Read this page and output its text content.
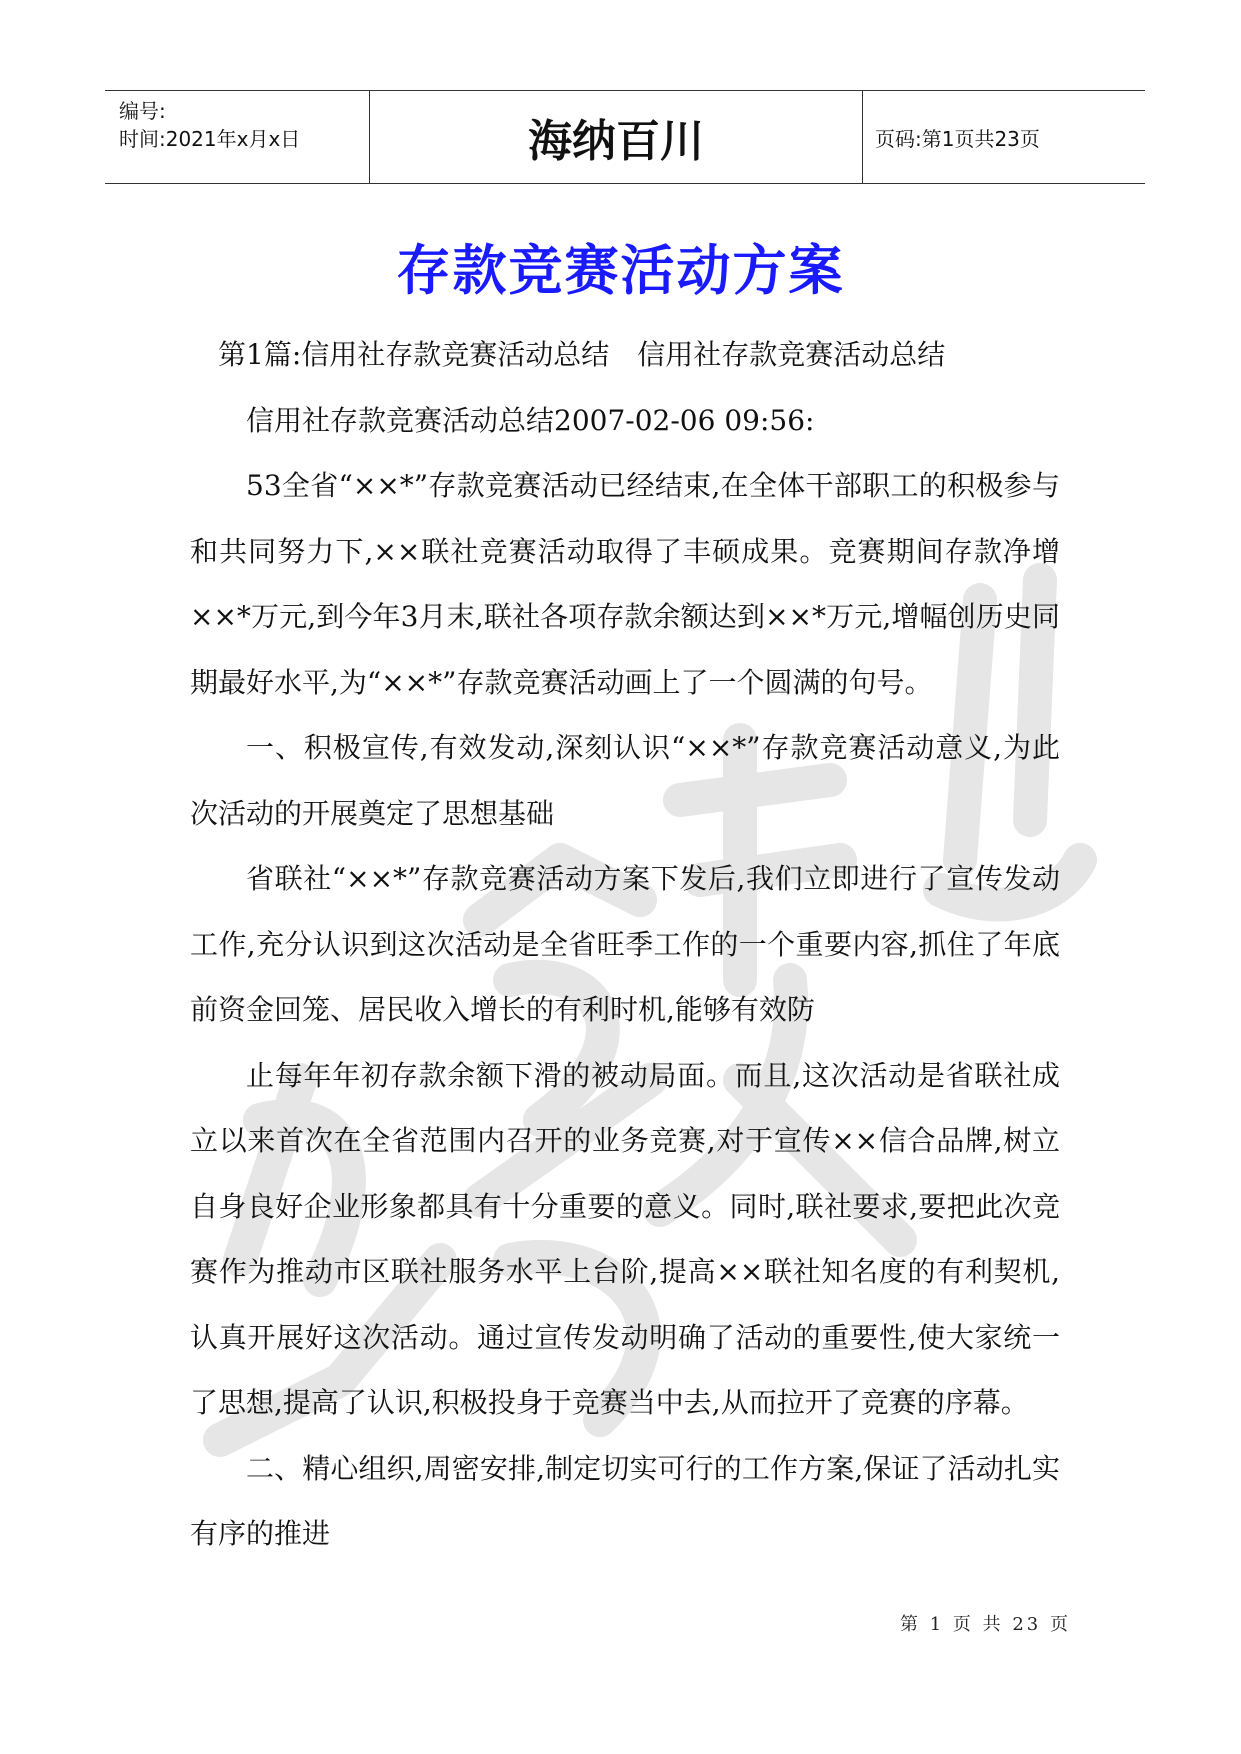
编号:
时间:2021年x月x日	海纳百川	页码:第1页共23页
存款竞赛活动方案

第1篇:信用社存款竞赛活动总结　信用社存款竞赛活动总结

信用社存款竞赛活动总结2007-02-06 09:56:

53全省“××*”存款竞赛活动已经结束,在全体干部职工的积极参与和共同努力下,××联社竞赛活动取得了丰硕成果。竞赛期间存款净增××*万元,到今年3月末,联社各项存款余额达到××*万元,增幅创历史同期最好水平,为“××*”存款竞赛活动画上了一个圆满的句号。

一、积极宣传,有效发动,深刻认识“××*”存款竞赛活动意义,为此次活动的开展奠定了思想基础

省联社“××*”存款竞赛活动方案下发后,我们立即进行了宣传发动工作,充分认识到这次活动是全省旺季工作的一个重要内容,抓住了年底前资金回笼、居民收入增长的有利时机,能够有效防

止每年年初存款余额下滑的被动局面。而且,这次活动是省联社成立以来首次在全省范围内召开的业务竞赛,对于宣传××信合品牌,树立自身良好企业形象都具有十分重要的意义。同时,联社要求,要把此次竞赛作为推动市区联社服务水平上台阶,提高××联社知名度的有利契机,认真开展好这次活动。通过宣传发动明确了活动的重要性,使大家统一了思想,提高了认识,积极投身于竞赛当中去,从而拉开了竞赛的序幕。

二、精心组织,周密安排,制定切实可行的工作方案,保证了活动扎实有序的推进

第 1 页 共 23 页
